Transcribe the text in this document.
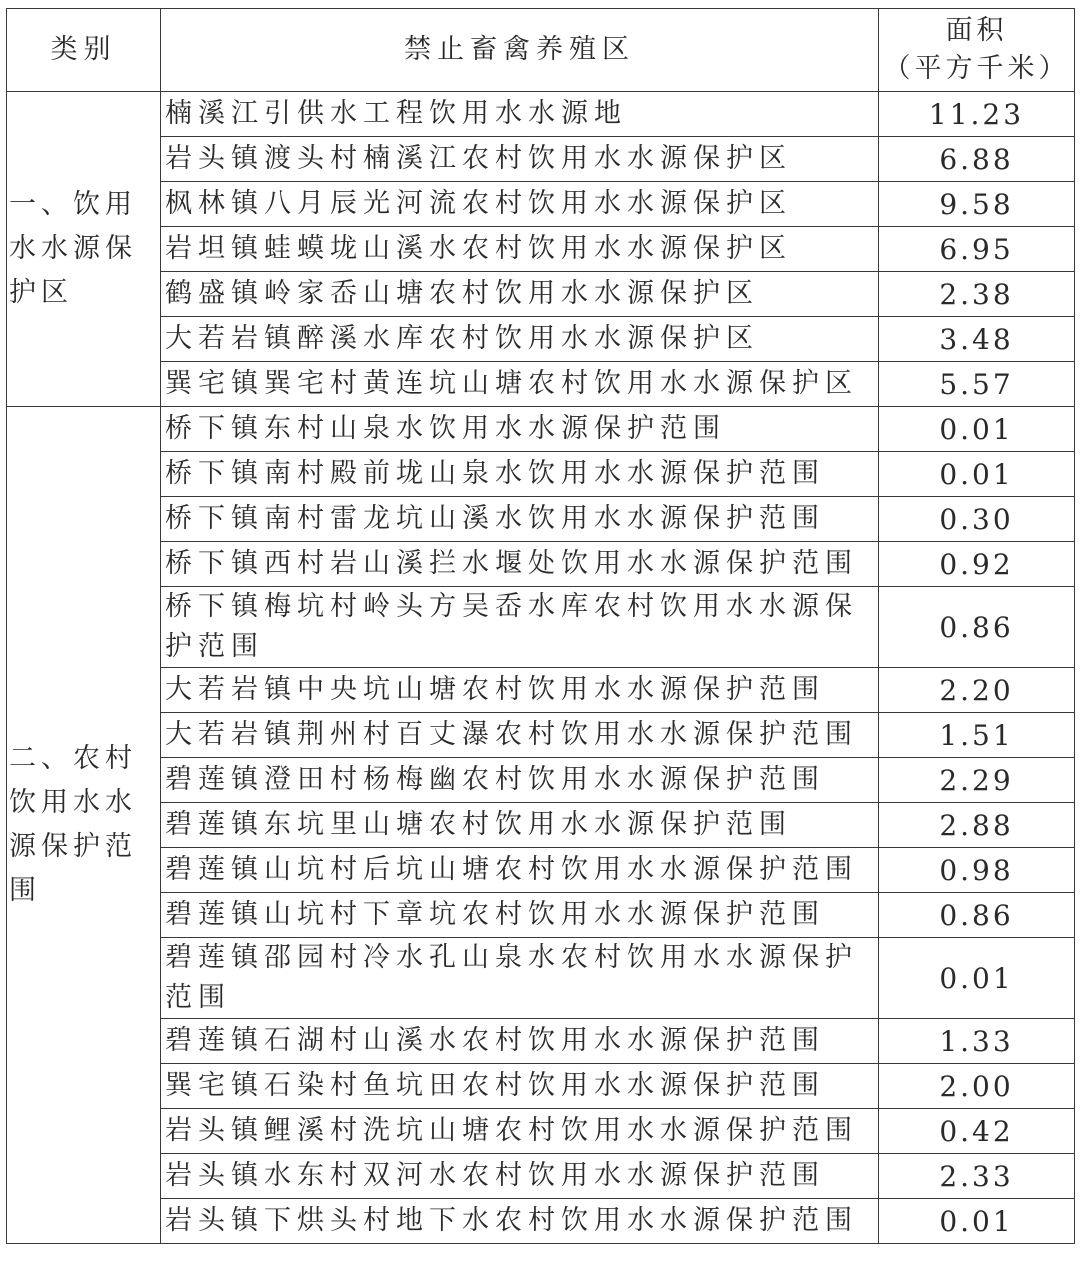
类别	禁止畜禽养殖区	面积
（平方千米）

一、饮用水水源保护区	楠溪江引供水工程饮用水水源地	11.23
	岩头镇渡头村楠溪江农村饮用水水源保护区	6.88
	枫林镇八月辰光河流农村饮用水水源保护区	9.58
	岩坦镇蛙蟆垅山溪水农村饮用水水源保护区	6.95
	鹤盛镇岭家岙山塘农村饮用水水源保护区	2.38
	大若岩镇醉溪水库农村饮用水水源保护区	3.48
	巽宅镇巽宅村黄连坑山塘农村饮用水水源保护区	5.57
二、农村饮用水水源保护范围	桥下镇东村山泉水饮用水水源保护范围	0.01
	桥下镇南村殿前垅山泉水饮用水水源保护范围	0.01
	桥下镇南村雷龙坑山溪水饮用水水源保护范围	0.30
	桥下镇西村岩山溪拦水堰处饮用水水源保护范围	0.92
	桥下镇梅坑村岭头方吴岙水库农村饮用水水源保护范围	0.86
	大若岩镇中央坑山塘农村饮用水水源保护范围	2.20
	大若岩镇荆州村百丈瀑农村饮用水水源保护范围	1.51
	碧莲镇澄田村杨梅幽农村饮用水水源保护范围	2.29
	碧莲镇东坑里山塘农村饮用水水源保护范围	2.88
	碧莲镇山坑村后坑山塘农村饮用水水源保护范围	0.98
	碧莲镇山坑村下章坑农村饮用水水源保护范围	0.86
	碧莲镇邵园村冷水孔山泉水农村饮用水水源保护范围	0.01
	碧莲镇石湖村山溪水农村饮用水水源保护范围	1.33
	巽宅镇石染村鱼坑田农村饮用水水源保护范围	2.00
	岩头镇鲤溪村洗坑山塘农村饮用水水源保护范围	0.42
	岩头镇水东村双河水农村饮用水水源保护范围	2.33
	岩头镇下烘头村地下水农村饮用水水源保护范围	0.01
